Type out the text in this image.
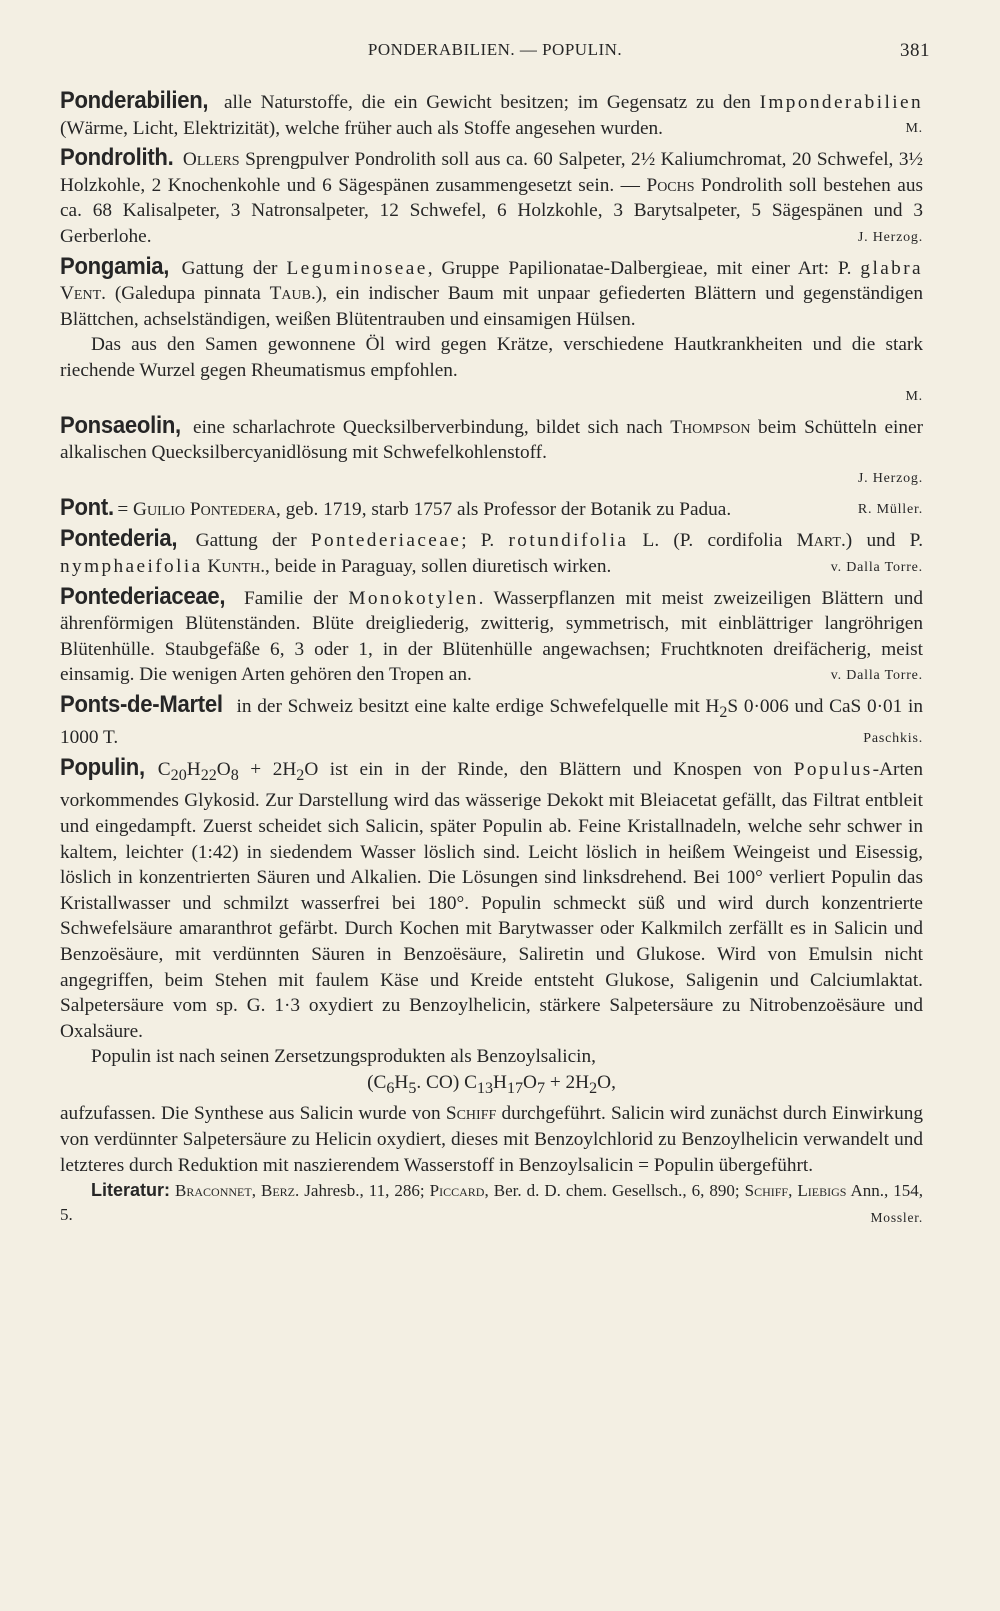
PONDERABILIEN. — POPULIN.	381

Ponderabilien, alle Naturstoffe, die ein Gewicht besitzen; im Gegensatz zu den Imponderabilien (Wärme, Licht, Elektrizität), welche früher auch als Stoffe angesehen wurden.	M.

Pondrolith. Ollers Sprengpulver Pondrolith soll aus ca. 60 Salpeter, 2½ Kaliumchromat, 20 Schwefel, 3½ Holzkohle, 2 Knochenkohle und 6 Sägespänen zusammengesetzt sein. — Pochs Pondrolith soll bestehen aus ca. 68 Kalisalpeter, 3 Natronsalpeter, 12 Schwefel, 6 Holzkohle, 3 Barytsalpeter, 5 Sägespänen und 3 Gerberlohe.	J. Herzog.

Pongamia, Gattung der Leguminoseae, Gruppe Papilionatae-Dalbergieae, mit einer Art: P. glabra Vent. (Galedupa pinnata Taub.), ein indischer Baum mit unpaar gefiederten Blättern und gegenständigen Blättchen, achselständigen, weißen Blütentrauben und einsamigen Hülsen.

Das aus den Samen gewonnene Öl wird gegen Krätze, verschiedene Hautkrankheiten und die stark riechende Wurzel gegen Rheumatismus empfohlen.

M.

Ponsaeolin, eine scharlachrote Quecksilberverbindung, bildet sich nach Thompson beim Schütteln einer alkalischen Quecksilbercyanidlösung mit Schwefelkohlenstoff.

J. Herzog.

Pont. = Guilio Pontedera, geb. 1719, starb 1757 als Professor der Botanik zu Padua.	R. Müller.

Pontederia, Gattung der Pontederiaceae; P. rotundifolia L. (P. cordifolia Mart.) und P. nymphaeifolia Kunth., beide in Paraguay, sollen diuretisch wirken.	v. Dalla Torre.

Pontederiaceae, Familie der Monokotylen. Wasserpflanzen mit meist zweizeiligen Blättern und ährenförmigen Blütenständen. Blüte dreigliederig, zwitterig, symmetrisch, mit einblättriger langröhrigen Blütenhülle. Staubgefäße 6, 3 oder 1, in der Blütenhülle angewachsen; Fruchtknoten dreifächerig, meist einsamig. Die wenigen Arten gehören den Tropen an.	v. Dalla Torre.

Ponts-de-Martel in der Schweiz besitzt eine kalte erdige Schwefelquelle mit $H_2S$ 0·006 und CaS 0·01 in 1000 T.	Paschkis.

Populin, $C_{20}H_{22}O_8 + 2H_2O$ ist ein in der Rinde, den Blättern und Knospen von Populus-Arten vorkommendes Glykosid. Zur Darstellung wird das wässerige Dekokt mit Bleiacetat gefällt, das Filtrat entbleit und eingedampft. Zuerst scheidet sich Salicin, später Populin ab. Feine Kristallnadeln, welche sehr schwer in kaltem, leichter (1:42) in siedendem Wasser löslich sind. Leicht löslich in heißem Weingeist und Eisessig, löslich in konzentrierten Säuren und Alkalien. Die Lösungen sind linksdrehend. Bei 100° verliert Populin das Kristallwasser und schmilzt wasserfrei bei 180°. Populin schmeckt süß und wird durch konzentrierte Schwefelsäure amaranthrot gefärbt. Durch Kochen mit Barytwasser oder Kalkmilch zerfällt es in Salicin und Benzoësäure, mit verdünnten Säuren in Benzoësäure, Saliretin und Glukose. Wird von Emulsin nicht angegriffen, beim Stehen mit faulem Käse und Kreide entsteht Glukose, Saligenin und Calciumlaktat. Salpetersäure vom sp. G. 1·3 oxydiert zu Benzoylhelicin, stärkere Salpetersäure zu Nitrobenzoësäure und Oxalsäure.

Populin ist nach seinen Zersetzungsprodukten als Benzoylsalicin,

($C_6H_5$. CO) $C_{13}H_{17}O_7 + 2H_2O$,

aufzufassen. Die Synthese aus Salicin wurde von Schiff durchgeführt. Salicin wird zunächst durch Einwirkung von verdünnter Salpetersäure zu Helicin oxydiert, dieses mit Benzoylchlorid zu Benzoylhelicin verwandelt und letzteres durch Reduktion mit naszierendem Wasserstoff in Benzoylsalicin = Populin übergeführt.

Literatur: Braconnet, Berz. Jahresb., 11, 286; Piccard, Ber. d. D. chem. Gesellsch., 6, 890; Schiff, Liebigs Ann., 154, 5.	Mossler.
